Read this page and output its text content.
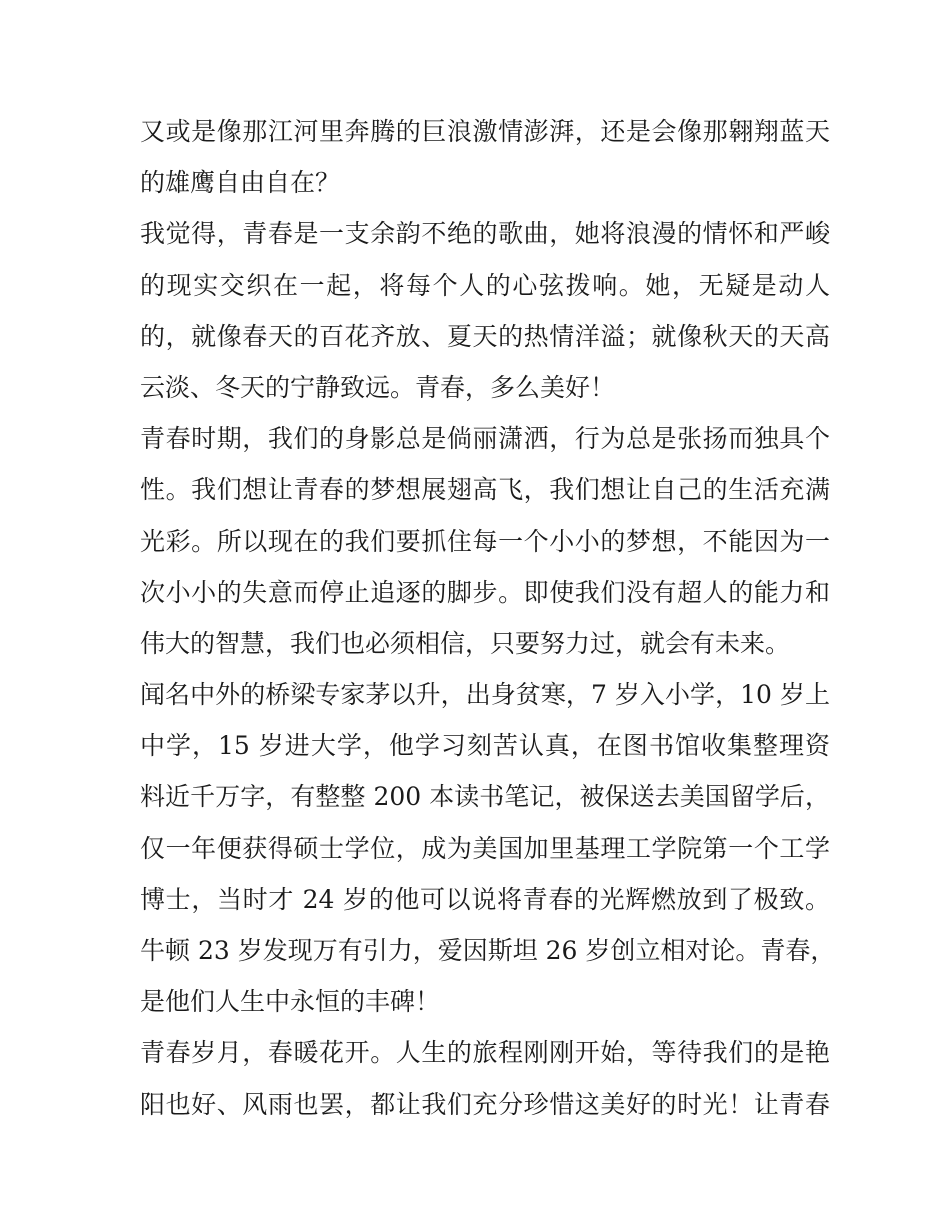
又或是像那江河里奔腾的巨浪激情澎湃，还是会像那翱翔蓝天
的雄鹰自由自在？
我觉得，青春是一支余韵不绝的歌曲，她将浪漫的情怀和严峻
的现实交织在一起，将每个人的心弦拨响。她，无疑是动人
的，就像春天的百花齐放、夏天的热情洋溢；就像秋天的天高
云淡、冬天的宁静致远。青春，多么美好！
青春时期，我们的身影总是倘丽潇洒，行为总是张扬而独具个
性。我们想让青春的梦想展翅高飞，我们想让自己的生活充满
光彩。所以现在的我们要抓住每一个小小的梦想，不能因为一
次小小的失意而停止追逐的脚步。即使我们没有超人的能力和
伟大的智慧，我们也必须相信，只要努力过，就会有未来。
闻名中外的桥梁专家茅以升，出身贫寒，7 岁入小学，10 岁上
中学，15 岁进大学，他学习刻苦认真，在图书馆收集整理资
料近千万字，有整整 200 本读书笔记，被保送去美国留学后，
仅一年便获得硕士学位，成为美国加里基理工学院第一个工学
博士，当时才 24 岁的他可以说将青春的光辉燃放到了极致。
牛顿 23 岁发现万有引力，爱因斯坦 26 岁创立相对论。青春，
是他们人生中永恒的丰碑！
青春岁月，春暖花开。人生的旅程刚刚开始，等待我们的是艳
阳也好、风雨也罢，都让我们充分珍惜这美好的时光！让青春
